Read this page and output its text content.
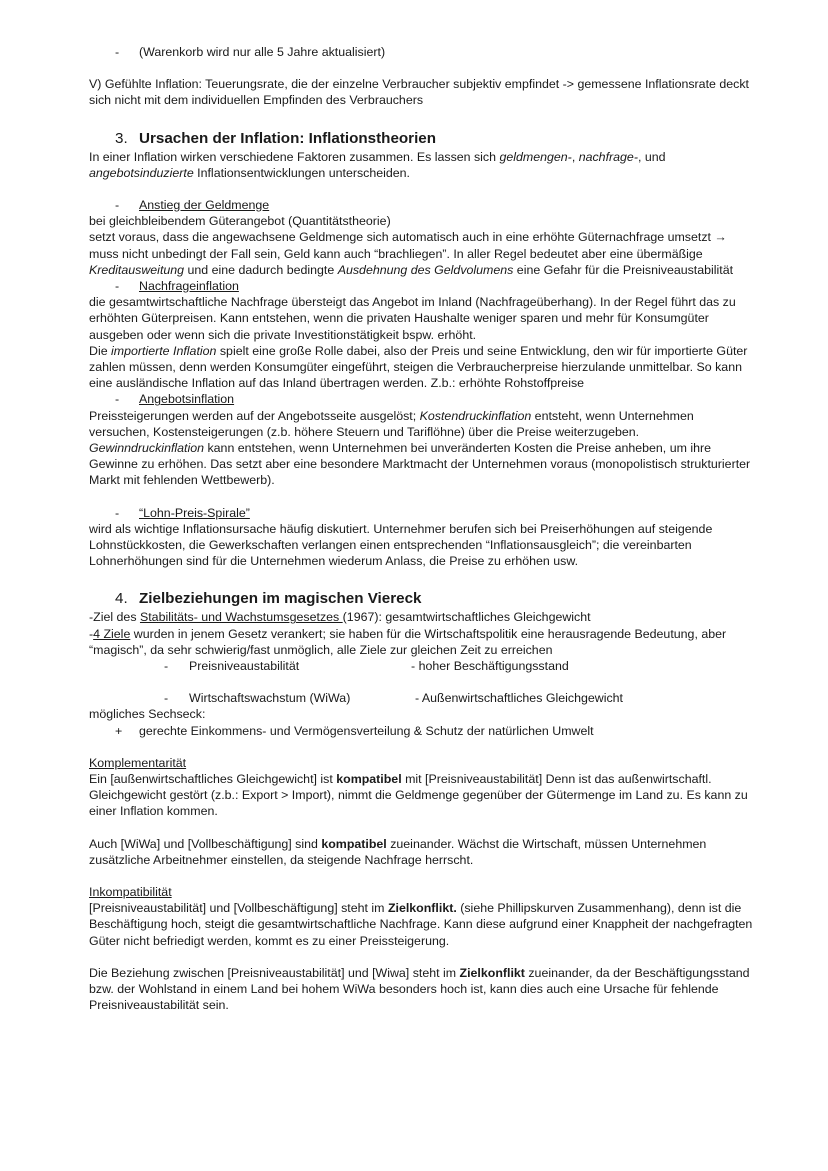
- (Warenkorb wird nur alle 5 Jahre aktualisiert)

V) Gefühlte Inflation: Teuerungsrate, die der einzelne Verbraucher subjektiv empfindet -> gemessene Inflationsrate deckt
sich nicht mit dem individuellen Empfinden des Verbrauchers

3. Ursachen der Inflation: Inflationstheorien

In einer Inflation wirken verschiedene Faktoren zusammen. Es lassen sich geldmengen-, nachfrage-, und
angebotsinduzierte Inflationsentwicklungen unterscheiden.

- Anstieg der Geldmenge

bei gleichbleibendem Güterangebot (Quantitätstheorie)
setzt voraus, dass die angewachsene Geldmenge sich automatisch auch in eine erhöhte Güternachfrage umsetzt →
muss nicht unbedingt der Fall sein, Geld kann auch “brachliegen”. In aller Regel bedeutet aber eine übermäßige
Kreditausweitung und eine dadurch bedingte Ausdehnung des Geldvolumens eine Gefahr für die Preisniveaustabilität

- Nachfrageinflation

die gesamtwirtschaftliche Nachfrage übersteigt das Angebot im Inland (Nachfrageüberhang). In der Regel führt das zu
erhöhten Güterpreisen. Kann entstehen, wenn die privaten Haushalte weniger sparen und mehr für Konsumgüter
ausgeben oder wenn sich die private Investitionstätigkeit bspw. erhöht.
Die importierte Inflation spielt eine große Rolle dabei, also der Preis und seine Entwicklung, den wir für importierte Güter
zahlen müssen, denn werden Konsumgüter eingeführt, steigen die Verbraucherpreise hierzulande unmittelbar. So kann
eine ausländische Inflation auf das Inland übertragen werden. Z.b.: erhöhte Rohstoffpreise

- Angebotsinflation

Preissteigerungen werden auf der Angebotsseite ausgelöst; Kostendruckinflation entsteht, wenn Unternehmen
versuchen, Kostensteigerungen (z.b. höhere Steuern und Tariflöhne) über die Preise weiterzugeben.
Gewinndruckinflation kann entstehen, wenn Unternehmen bei unveränderten Kosten die Preise anheben, um ihre
Gewinne zu erhöhen. Das setzt aber eine besondere Marktmacht der Unternehmen voraus (monopolistisch strukturierter
Markt mit fehlenden Wettbewerb).

- “Lohn-Preis-Spirale”

wird als wichtige Inflationsursache häufig diskutiert. Unternehmer berufen sich bei Preiserhöhungen auf steigende
Lohnstückkosten, die Gewerkschaften verlangen einen entsprechenden “Inflationsausgleich”; die vereinbarten
Lohnerhöhungen sind für die Unternehmen wiederum Anlass, die Preise zu erhöhen usw.

4. Zielbeziehungen im magischen Viereck

-Ziel des Stabilitäts- und Wachstumsgesetzes (1967): gesamtwirtschaftliches Gleichgewicht
-4 Ziele wurden in jenem Gesetz verankert; sie haben für die Wirtschaftspolitik eine herausragende Bedeutung, aber
“magisch”, da sehr schwierig/fast unmöglich, alle Ziele zur gleichen Zeit zu erreichen

- Preisniveaustabilität	- hoher Beschäftigungsstand
- Wirtschaftswachstum (WiWa)	- Außenwirtschaftliches Gleichgewicht

mögliches Sechseck:

+ gerechte Einkommens- und Vermögensverteilung & Schutz der natürlichen Umwelt

Komplementarität

Ein [außenwirtschaftliches Gleichgewicht] ist kompatibel mit [Preisniveaustabilität] Denn ist das außenwirtschaftl.
Gleichgewicht gestört (z.b.: Export > Import), nimmt die Geldmenge gegenüber der Gütermenge im Land zu. Es kann zu
einer Inflation kommen.

Auch [WiWa] und [Vollbeschäftigung] sind kompatibel zueinander. Wächst die Wirtschaft, müssen Unternehmen
zusätzliche Arbeitnehmer einstellen, da steigende Nachfrage herrscht.

Inkompatibilität

[Preisniveaustabilität] und [Vollbeschäftigung] steht im Zielkonflikt. (siehe Phillipskurven Zusammenhang), denn ist die
Beschäftigung hoch, steigt die gesamtwirtschaftliche Nachfrage. Kann diese aufgrund einer Knappheit der nachgefragten
Güter nicht befriedigt werden, kommt es zu einer Preissteigerung.

Die Beziehung zwischen [Preisniveaustabilität] und [Wiwa] steht im Zielkonflikt zueinander, da der Beschäftigungsstand
bzw. der Wohlstand in einem Land bei hohem WiWa besonders hoch ist, kann dies auch eine Ursache für fehlende
Preisniveaustabilität sein.
